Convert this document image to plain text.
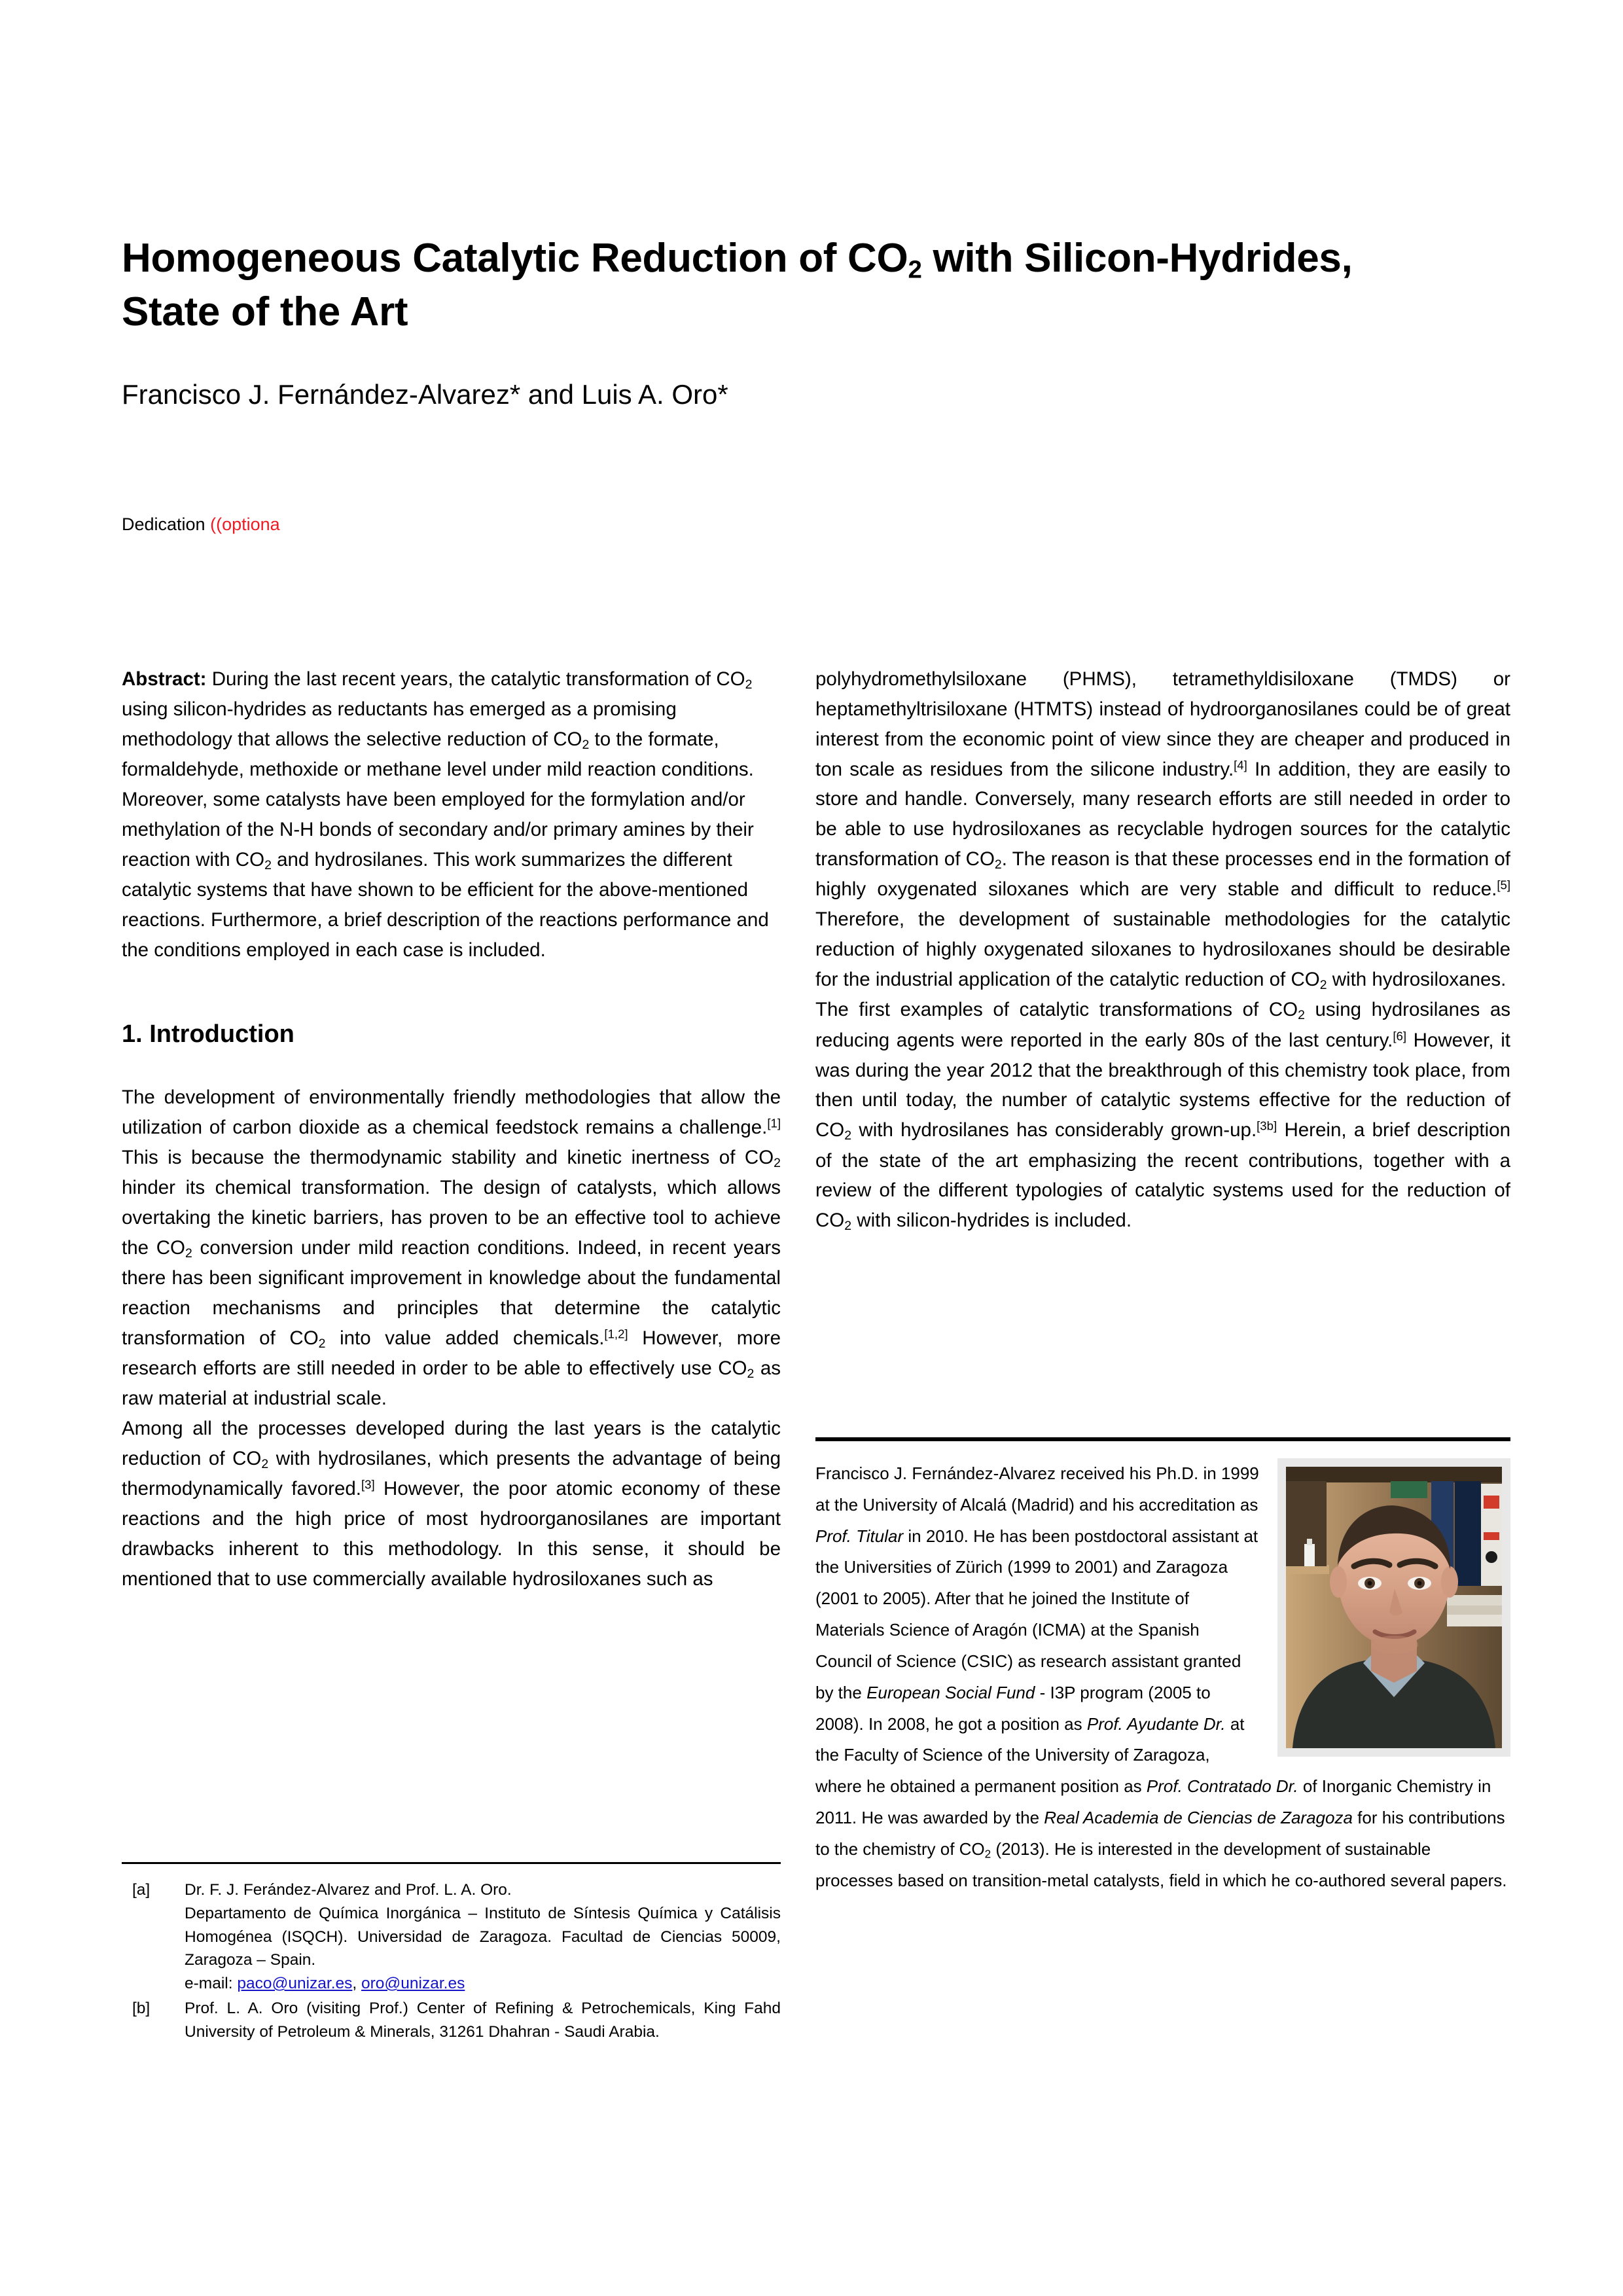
Homogeneous Catalytic Reduction of $CO_2$ with Silicon-Hydrides,
State of the Art

Francisco J. Fernández-Alvarez* and Luis A. Oro*

Dedication ((optiona

Abstract: During the last recent years, the catalytic transformation of $CO_2$ using silicon-hydrides as reductants has emerged as a promising methodology that allows the selective reduction of $CO_2$ to the formate, formaldehyde, methoxide or methane level under mild reaction conditions. Moreover, some catalysts have been employed for the formylation and/or methylation of the N-H bonds of secondary and/or primary amines by their reaction with $CO_2$ and hydrosilanes. This work summarizes the different catalytic systems that have shown to be efficient for the above-mentioned reactions. Furthermore, a brief description of the reactions performance and the conditions employed in each case is included.

1. Introduction

The development of environmentally friendly methodologies that allow the utilization of carbon dioxide as a chemical feedstock remains a challenge.[1] This is because the thermodynamic stability and kinetic inertness of $CO_2$ hinder its chemical transformation. The design of catalysts, which allows overtaking the kinetic barriers, has proven to be an effective tool to achieve the $CO_2$ conversion under mild reaction conditions. Indeed, in recent years there has been significant improvement in knowledge about the fundamental reaction mechanisms and principles that determine the catalytic transformation of $CO_2$ into value added chemicals.[1,2] However, more research efforts are still needed in order to be able to effectively use $CO_2$ as raw material at industrial scale.

Among all the processes developed during the last years is the catalytic reduction of $CO_2$ with hydrosilanes, which presents the advantage of being thermodynamically favored.[3] However, the poor atomic economy of these reactions and the high price of most hydroorganosilanes are important drawbacks inherent to this methodology. In this sense, it should be mentioned that to use commercially available hydrosiloxanes such as

polyhydromethylsiloxane (PHMS), tetramethyldisiloxane (TMDS) or heptamethyltrisiloxane (HTMTS) instead of hydroorganosilanes could be of great interest from the economic point of view since they are cheaper and produced in ton scale as residues from the silicone industry.[4] In addition, they are easily to store and handle. Conversely, many research efforts are still needed in order to be able to use hydrosiloxanes as recyclable hydrogen sources for the catalytic transformation of $CO_2$. The reason is that these processes end in the formation of highly oxygenated siloxanes which are very stable and difficult to reduce.[5] Therefore, the development of sustainable methodologies for the catalytic reduction of highly oxygenated siloxanes to hydrosiloxanes should be desirable for the industrial application of the catalytic reduction of $CO_2$ with hydrosiloxanes.

The first examples of catalytic transformations of $CO_2$ using hydrosilanes as reducing agents were reported in the early 80s of the last century.[6] However, it was during the year 2012 that the breakthrough of this chemistry took place, from then until today, the number of catalytic systems effective for the reduction of $CO_2$ with hydrosilanes has considerably grown-up.[3b] Herein, a brief description of the state of the art emphasizing the recent contributions, together with a review of the different typologies of catalytic systems used for the reduction of $CO_2$ with silicon-hydrides is included.

[a]	Dr. F. J. Ferández-Alvarez and Prof. L. A. Oro.
Departamento de Química Inorgánica – Instituto de Síntesis Química y Catálisis Homogénea (ISQCH). Universidad de Zaragoza. Facultad de Ciencias 50009, Zaragoza – Spain.
e-mail: paco@unizar.es, oro@unizar.es
[b]	Prof. L. A. Oro (visiting Prof.) Center of Refining & Petrochemicals, King Fahd University of Petroleum & Minerals, 31261 Dhahran - Saudi Arabia.

Francisco J. Fernández-Alvarez received his Ph.D. in 1999 at the University of Alcalá (Madrid) and his accreditation as Prof. Titular in 2010. He has been postdoctoral assistant at the Universities of Zürich (1999 to 2001) and Zaragoza (2001 to 2005). After that he joined the Institute of Materials Science of Aragón (ICMA) at the Spanish Council of Science (CSIC) as research assistant granted by the European Social Fund - I3P program (2005 to 2008). In 2008, he got a position as Prof. Ayudante Dr. at the Faculty of Science of the University of Zaragoza, where he obtained a permanent position as Prof. Contratado Dr. of Inorganic Chemistry in 2011. He was awarded by the Real Academia de Ciencias de Zaragoza for his contributions to the chemistry of $CO_2$ (2013). He is interested in the development of sustainable processes based on transition-metal catalysts, field in which he co-authored several papers.
